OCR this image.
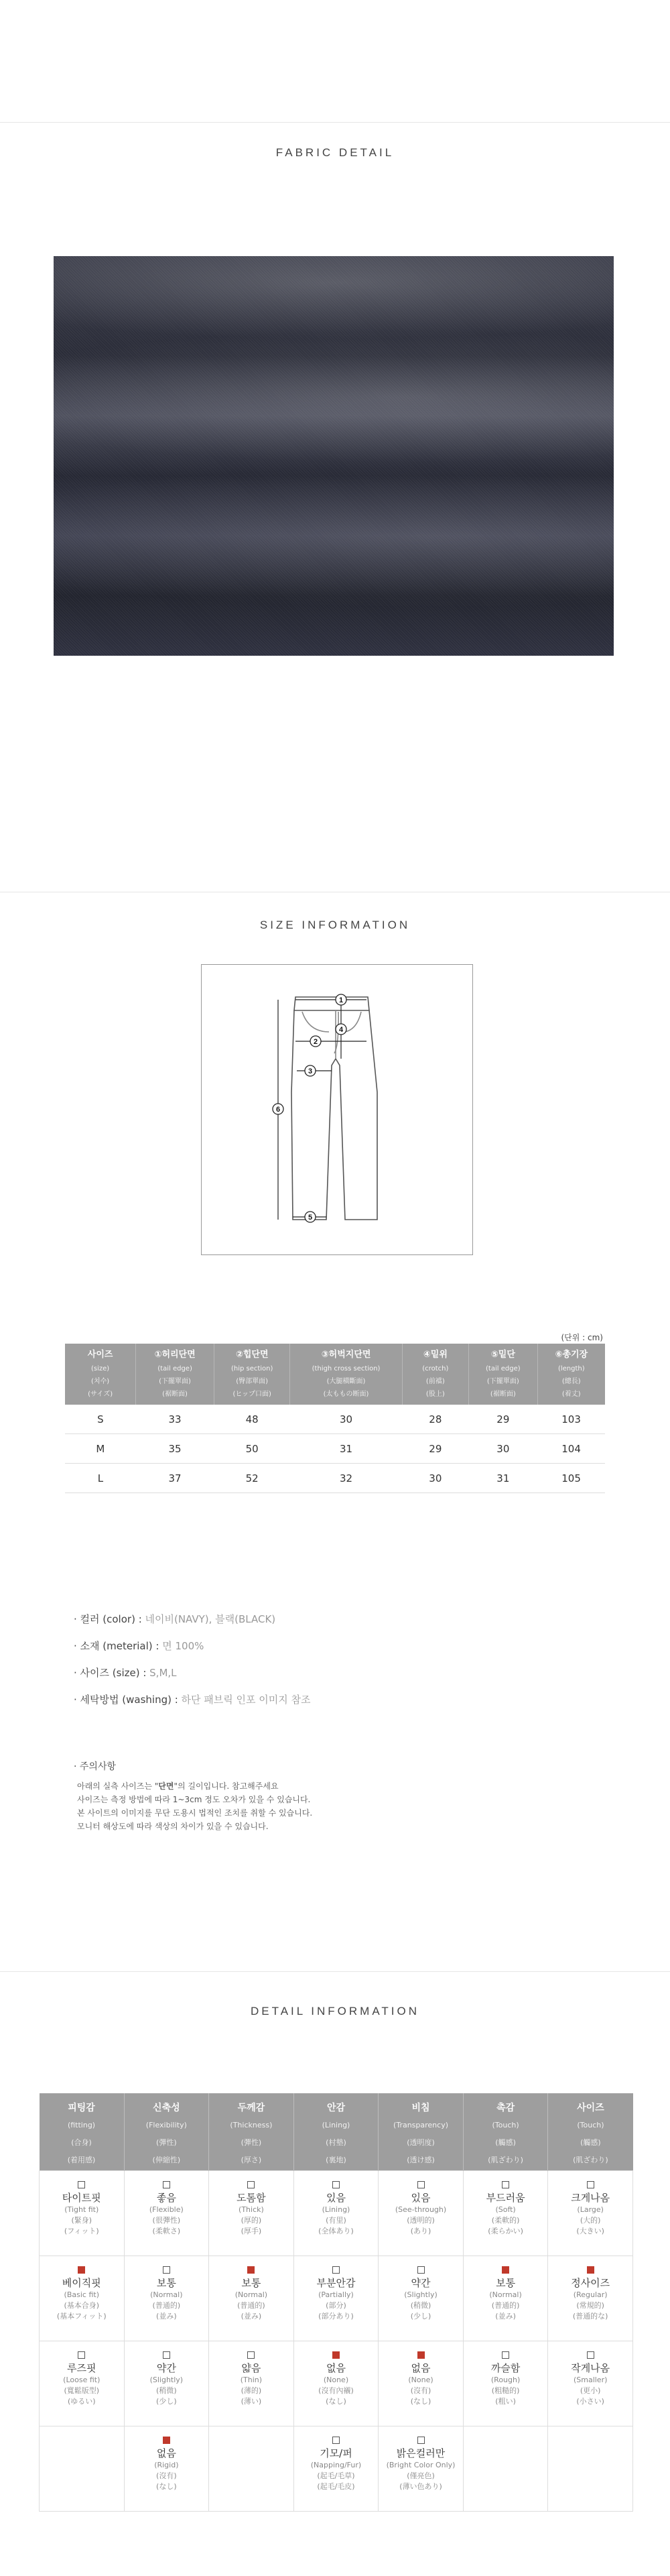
FABRIC DETAIL
SIZE INFORMATION
1
2
3
4
5
6
(단위 : cm)
사이즈
(size)
(치수)
(サイズ)	①허리단면
(tail edge)
(下擺單面)
(裾断面)	②힙단면
(hip section)
(臀部單面)
(ヒップ口面)	③허벅지단면
(thigh cross section)
(大腿橫斷面)
(太ももの断面)	④밑위
(crotch)
(前襠)
(股上)	⑤밑단
(tail edge)
(下擺單面)
(裾断面)	⑥총기장
(length)
(總長)
(着丈)

S	33	48	30	28	29	103
M	35	50	31	29	30	104
L	37	52	32	30	31	105
· 컬러 (color) : 네이비(NAVY), 블랙(BLACK)
· 소재 (meterial) : 면 100%
· 사이즈 (size) : S,M,L
· 세탁방법 (washing) : 하단 패브릭 인포 이미지 참조
· 주의사항
아래의 실측 사이즈는 "단면"의 길이입니다. 참고해주세요
사이즈는 측정 방법에 따라 1~3cm 정도 오차가 있을 수 있습니다.
본 사이트의 이미지를 무단 도용시 법적인 조치를 취할 수 있습니다.
모니터 해상도에 따라 색상의 차이가 있을 수 있습니다.
DETAIL INFORMATION
피팅감
(fitting)
(合身)
(着用感)	신축성
(Flexibility)
(彈性)
(伸縮性)	두께감
(Thickness)
(彈性)
(厚さ)	안감
(Lining)
(村墊)
(裏地)	비침
(Transparency)
(透明度)
(透け感)	촉감
(Touch)
(觸感)
(肌ざわり)	사이즈
(Touch)
(觸感)
(肌ざわり)

타이트핏
(Tight fit)
(緊身)
(フィット)	좋음
(Flexible)
(很彈性)
(柔軟さ)	도톰함
(Thick)
(厚的)
(厚手)	있음
(Lining)
(有里)
(全体あり)	있음
(See-through)
(透明的)
(あり)	부드러움
(Soft)
(柔軟的)
(柔らかい)	크게나옴
(Large)
(大的)
(大きい)

베이직핏
(Basic fit)
(基本合身)
(基本フィット)	보통
(Normal)
(普通的)
(並み)	보통
(Normal)
(普通的)
(並み)	부분안감
(Partially)
(部分)
(部分あり)	약간
(Slightly)
(稍微)
(少し)	보통
(Normal)
(普通的)
(並み)	정사이즈
(Regular)
(常規的)
(普通的な)

루즈핏
(Loose fit)
(寬鬆版型)
(ゆるい)	약간
(Slightly)
(稍微)
(少し)	얇음
(Thin)
(薄的)
(薄い)	없음
(None)
(沒有內襯)
(なし)	없음
(None)
(沒有)
(なし)	까슬함
(Rough)
(粗糙的)
(粗い)	작게나옴
(Smaller)
(更小)
(小さい)

	없음
(Rigid)
(沒有)
(なし)		기모/퍼
(Napping/Fur)
(起毛/毛草)
(起毛/毛皮)	밝은컬러만
(Bright Color Only)
(僅亮色)
(薄い色あり)		
